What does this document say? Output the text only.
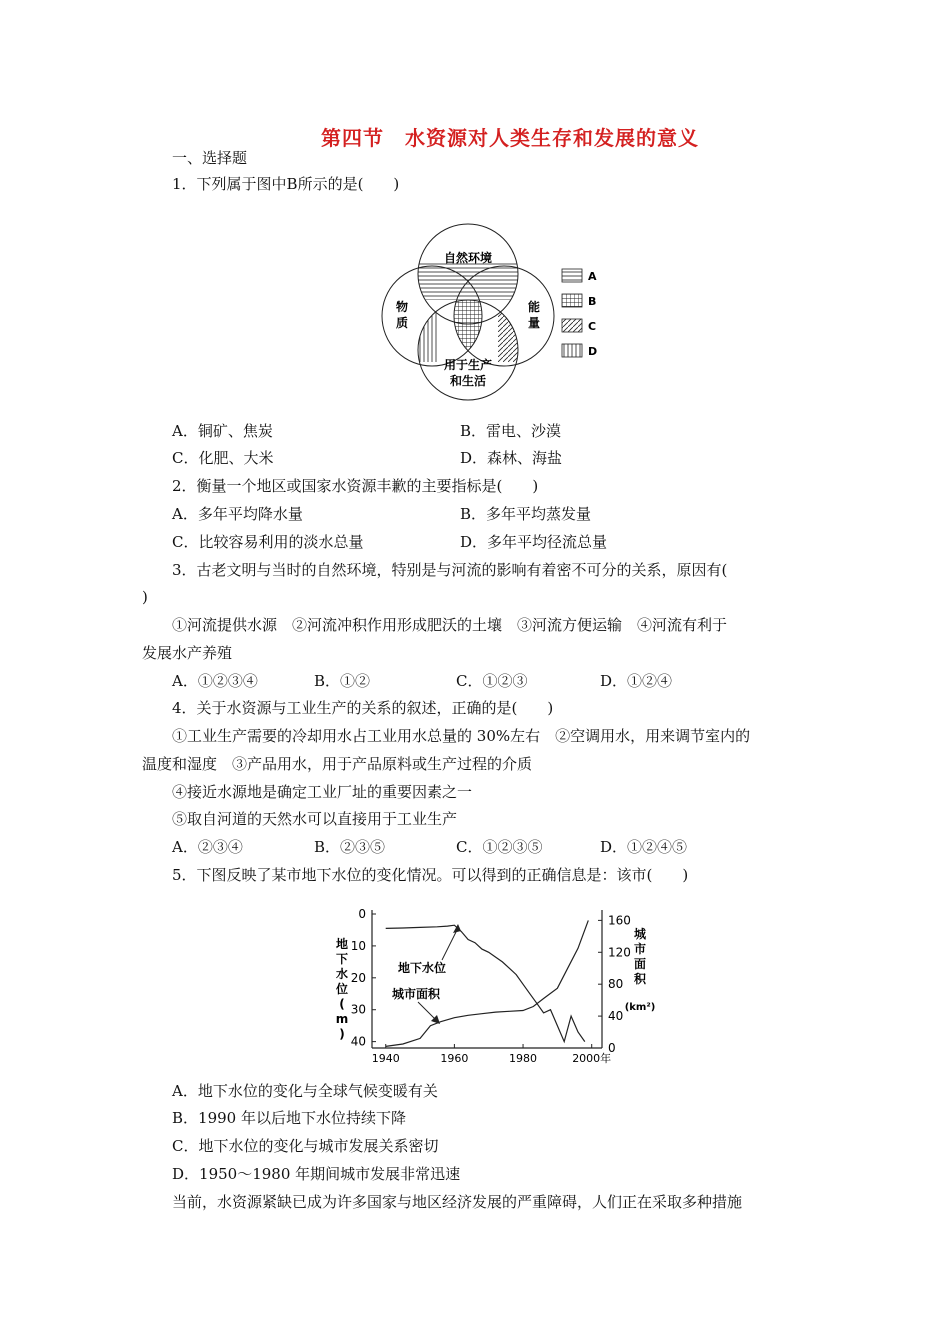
第四节　水资源对人类生存和发展的意义
一、选择题
1．下列属于图中B所示的是(　　)
自然环境
物
质
能
量
用于生产
和生活
A
B
C
D
A．铜矿、焦炭	B．雷电、沙漠
C．化肥、大米	D．森林、海盐
2．衡量一个地区或国家水资源丰歉的主要指标是(　　)
A．多年平均降水量	B．多年平均蒸发量
C．比较容易利用的淡水总量	D．多年平均径流总量
3．古老文明与当时的自然环境，特别是与河流的影响有着密不可分的关系，原因有(
)
①河流提供水源　②河流冲积作用形成肥沃的土壤　③河流方便运输　④河流有利于
发展水产养殖
A．①②③④	B．①②	C．①②③	D．①②④
4．关于水资源与工业生产的关系的叙述，正确的是(　　)
①工业生产需要的冷却用水占工业用水总量的 30%左右　②空调用水，用来调节室内的
温度和湿度　③产品用水，用于产品原料或生产过程的介质
④接近水源地是确定工业厂址的重要因素之一
⑤取自河道的天然水可以直接用于工业生产
A．②③④	B．②③⑤	C．①②③⑤	D．①②④⑤
5．下图反映了某市地下水位的变化情况。可以得到的正确信息是：该市(　　)
0
10
20
30
40	0
40
80
120
160
1940	1960	1980	2000年
地
下
水
位
(
m
)
城
市
面
积
(km²)
地下水位
城市面积
A．地下水位的变化与全球气候变暖有关
B．1990 年以后地下水位持续下降
C．地下水位的变化与城市发展关系密切
D．1950～1980 年期间城市发展非常迅速
当前，水资源紧缺已成为许多国家与地区经济发展的严重障碍，人们正在采取多种措施
